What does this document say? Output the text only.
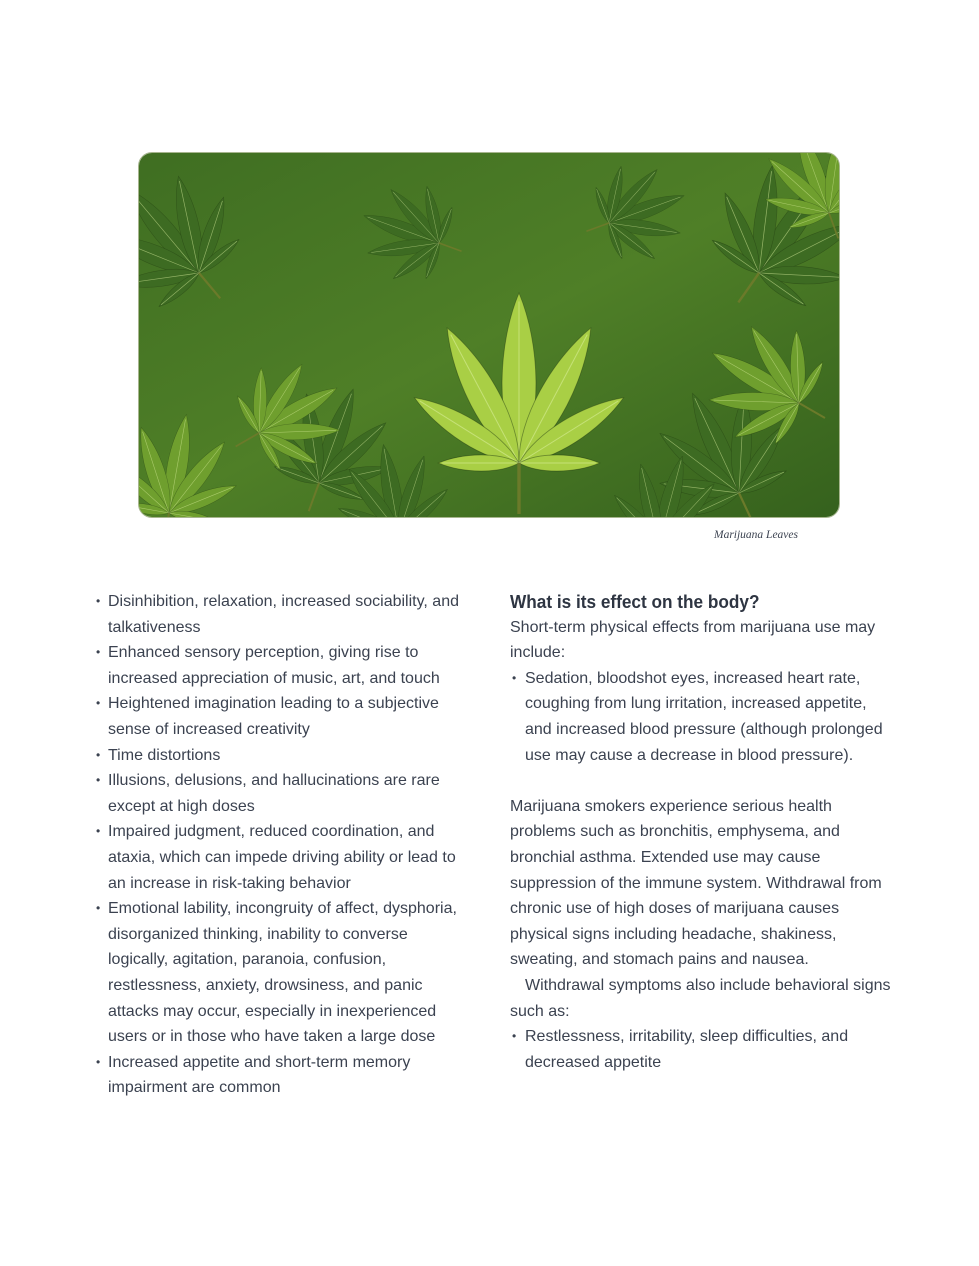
Marijuana Leaves
• Disinhibition, relaxation, increased sociability, and talkativeness
• Enhanced sensory perception, giving rise to increased appreciation of music, art, and touch
• Heightened imagination leading to a subjective sense of increased creativity
• Time distortions
• Illusions, delusions, and hallucinations are rare except at high doses
• Impaired judgment, reduced coordination, and ataxia, which can impede driving ability or lead to an increase in risk-taking behavior
• Emotional lability, incongruity of affect, dysphoria, disorganized thinking, inability to converse logically, agitation, paranoia, confusion, restlessness, anxiety, drowsiness, and panic attacks may occur, especially in inexperienced users or in those who have taken a large dose
• Increased appetite and short-term memory impairment are common
What is its effect on the body?

Short-term physical effects from marijuana use may include:

• Sedation, bloodshot eyes, increased heart rate, coughing from lung irritation, increased appetite, and increased blood pressure (although prolonged use may cause a decrease in blood pressure).

Marijuana smokers experience serious health problems such as bronchitis, emphysema, and bronchial asthma. Extended use may cause suppression of the immune system. Withdrawal from chronic use of high doses of marijuana causes physical signs including headache, shakiness, sweating, and stomach pains and nausea.

Withdrawal symptoms also include behavioral signs such as:

• Restlessness, irritability, sleep difficulties, and decreased appetite
